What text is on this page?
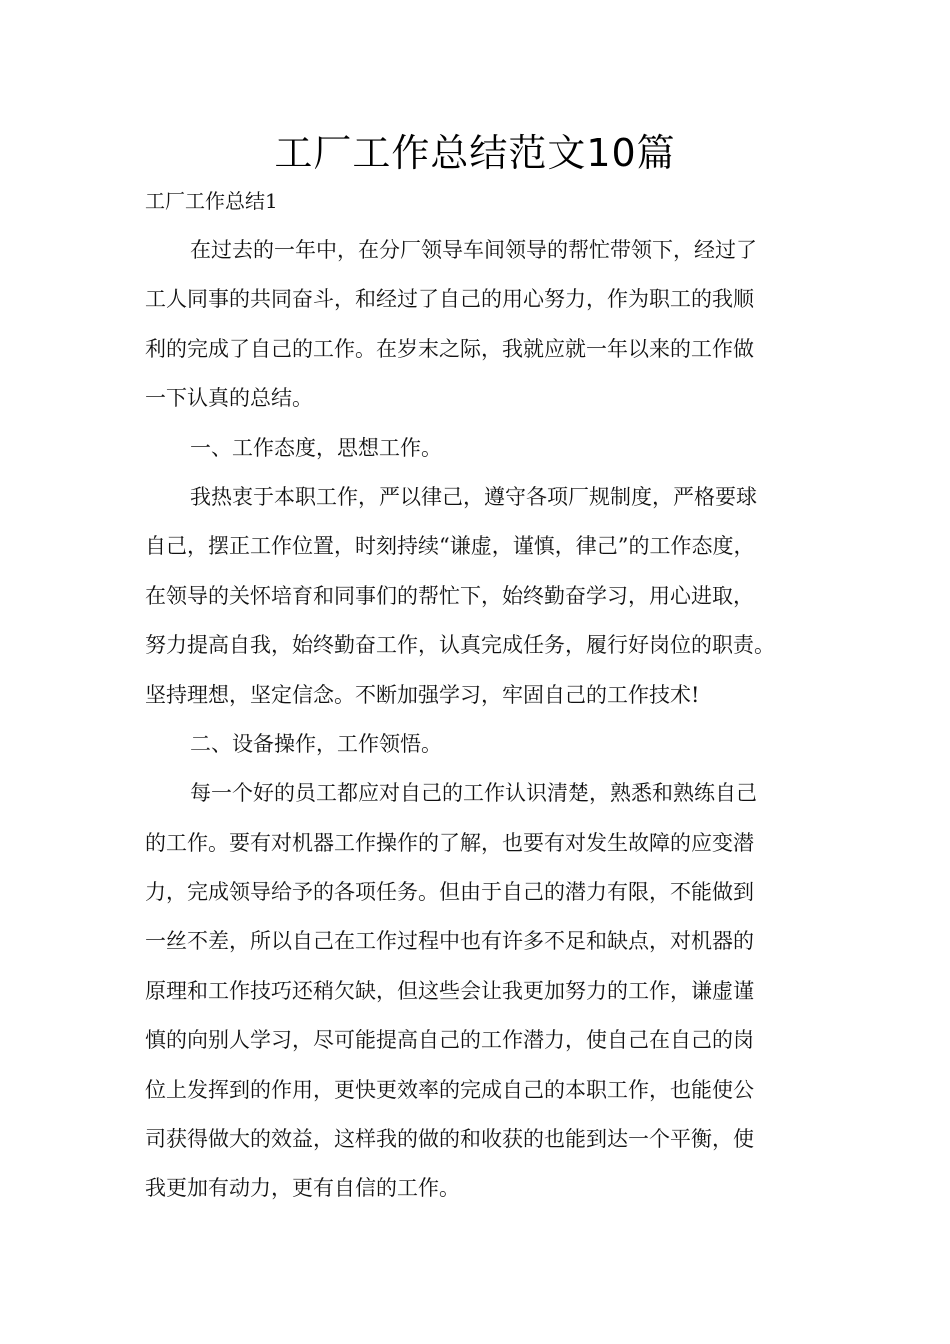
工厂工作总结范文10篇
工厂工作总结1
在过去的一年中，在分厂领导车间领导的帮忙带领下，经过了
工人同事的共同奋斗，和经过了自己的用心努力，作为职工的我顺
利的完成了自己的工作。在岁末之际，我就应就一年以来的工作做
一下认真的总结。
一、工作态度，思想工作。
我热衷于本职工作，严以律己，遵守各项厂规制度，严格要球
自己，摆正工作位置，时刻持续“谦虚，谨慎，律己”的工作态度，
在领导的关怀培育和同事们的帮忙下，始终勤奋学习，用心进取，
努力提高自我，始终勤奋工作，认真完成任务，履行好岗位的职责。
坚持理想，坚定信念。不断加强学习，牢固自己的工作技术!
二、设备操作，工作领悟。
每一个好的员工都应对自己的工作认识清楚，熟悉和熟练自己
的工作。要有对机器工作操作的了解，也要有对发生故障的应变潜
力，完成领导给予的各项任务。但由于自己的潜力有限，不能做到
一丝不差，所以自己在工作过程中也有许多不足和缺点，对机器的
原理和工作技巧还稍欠缺，但这些会让我更加努力的工作，谦虚谨
慎的向别人学习，尽可能提高自己的工作潜力，使自己在自己的岗
位上发挥到的作用，更快更效率的完成自己的本职工作，也能使公
司获得做大的效益，这样我的做的和收获的也能到达一个平衡，使
我更加有动力，更有自信的工作。
